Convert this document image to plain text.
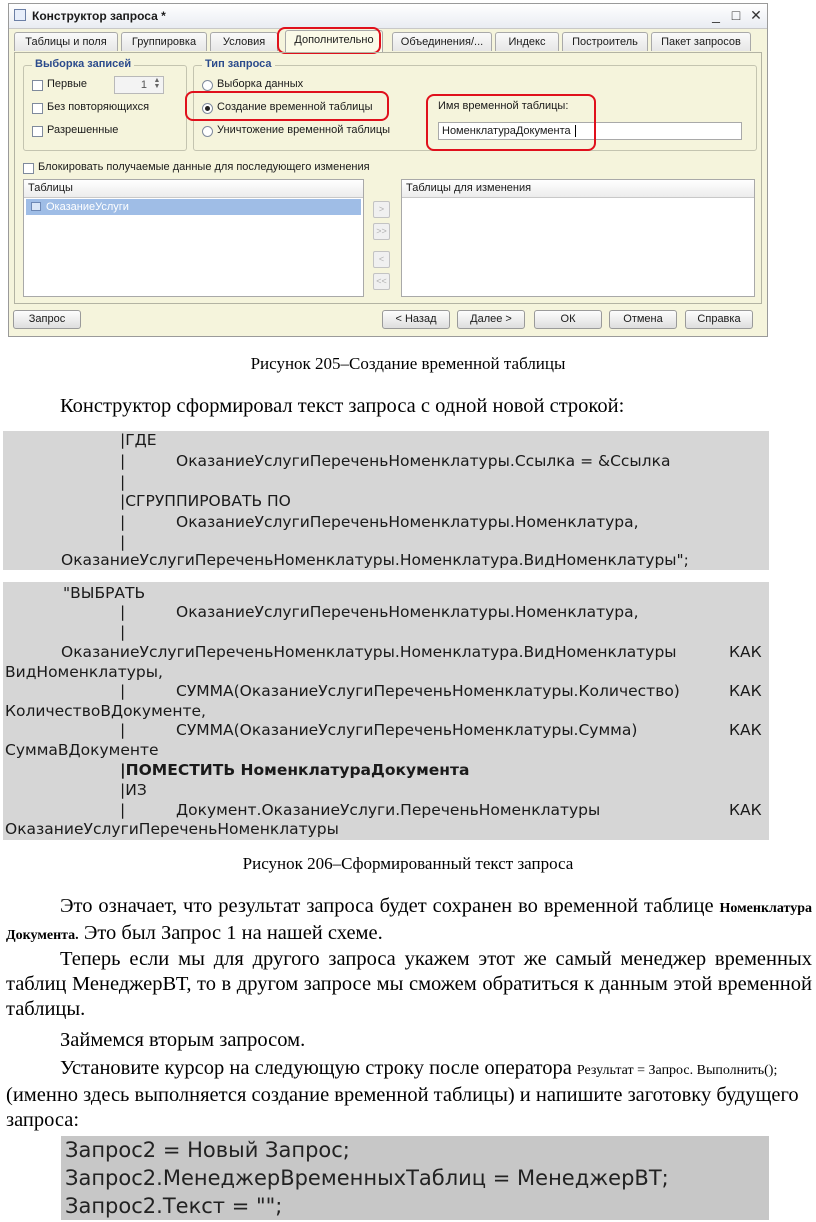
Конструктор запроса *	_ □ ✕
Таблицы и поля	Группировка	Условия	Дополнительно	Объединения/...	Индекс	Построитель	Пакет запросов
Выборка записей
Первые	1 ▲
▼
Без повторяющихся
Разрешенные
Тип запроса
Выборка данных
Создание временной таблицы
Уничтожение временной таблицы
Имя временной таблицы:
НоменклатураДокумента
Блокировать получаемые данные для последующего изменения
Таблицы
ОказаниеУслуги	>
>>
<
<<
Таблицы для изменения
Запрос	< Назад	Далее >	ОК	Отмена	Справка
Рисунок 205–Создание временной таблицы
Конструктор сформировал текст запроса с одной новой строкой:
|ГДЕ
|	ОказаниеУслугиПереченьНоменклатуры.Ссылка = &Ссылка
|
|СГРУППИРОВАТЬ ПО
|	ОказаниеУслугиПереченьНоменклатуры.Номенклатура,
|
ОказаниеУслугиПереченьНоменклатуры.Номенклатура.ВидНоменклатуры";
"ВЫБРАТЬ
|	ОказаниеУслугиПереченьНоменклатуры.Номенклатура,
|
ОказаниеУслугиПереченьНоменклатуры.Номенклатура.ВидНоменклатуры	КАК
ВидНоменклатуры,
|	СУММА(ОказаниеУслугиПереченьНоменклатуры.Количество)	КАК
КоличествоВДокументе,
|	СУММА(ОказаниеУслугиПереченьНоменклатуры.Сумма)	КАК
СуммаВДокументе
|ПОМЕСТИТЬ НоменклатураДокумента
|ИЗ
|	Документ.ОказаниеУслуги.ПереченьНоменклатуры	КАК
ОказаниеУслугиПереченьНоменклатуры
Рисунок 206–Сформированный текст запроса
Это означает, что результат запроса будет сохранен во временной таблице Номенклатура Документа. Это был Запрос 1 на нашей схеме.
Теперь если мы для другого запроса укажем этот же самый менеджер временных таблиц МенеджерВТ, то в другом запросе мы сможем обратиться к данным этой временной таблицы.
Займемся вторым запросом.
Установите курсор на следующую строку после оператора Результат = Запрос. Выполнить(); (именно здесь выполняется создание временной таблицы) и напишите заготовку будущего запроса:
Запрос2 = Новый Запрос;
Запрос2.МенеджерВременныхТаблиц = МенеджерВТ;
Запрос2.Текст = "";
